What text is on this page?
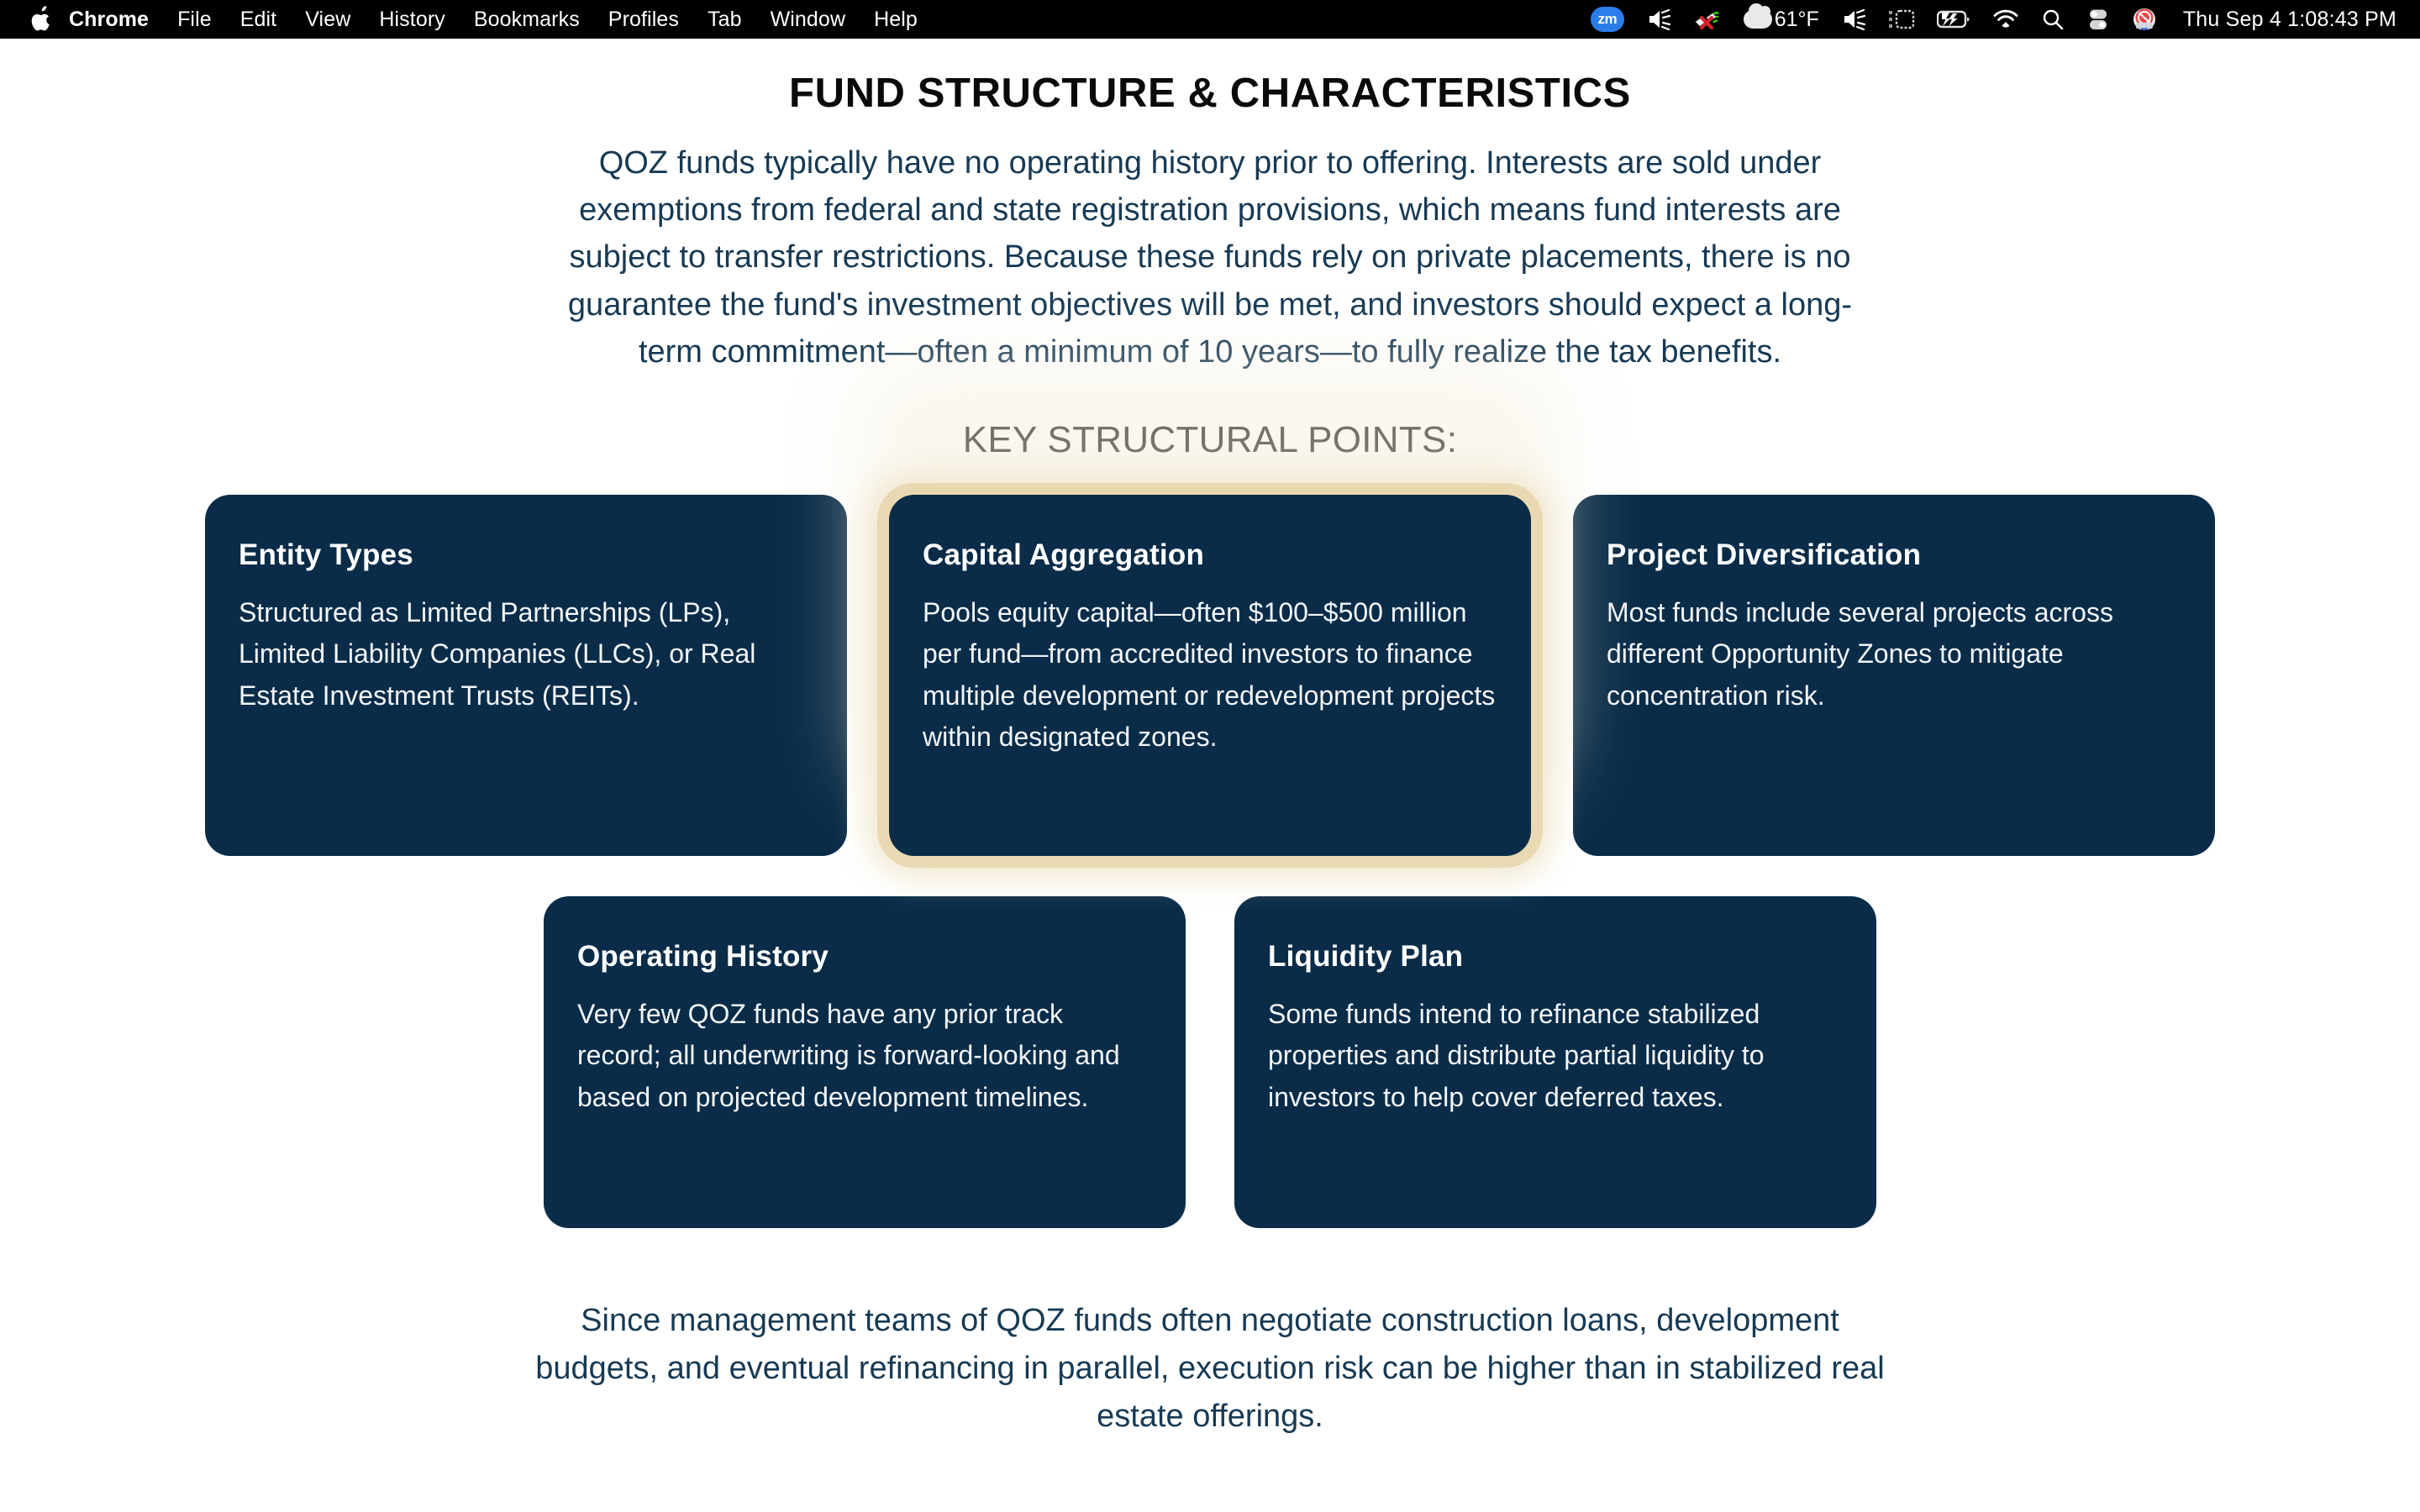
Chrome	File	Edit	View	History	Bookmarks	Profiles	Tab	Window	Help	zm	61°F	Thu Sep 4 1:08:43 PM
FUND STRUCTURE & CHARACTERISTICS

QOZ funds typically have no operating history prior to offering. Interests are sold under exemptions from federal and state registration provisions, which means fund interests are subject to transfer restrictions. Because these funds rely on private placements, there is no guarantee the fund's investment objectives will be met, and investors should expect a long-term commitment—often a minimum of 10 years—to fully realize the tax benefits.

KEY STRUCTURAL POINTS:
Entity Types
Structured as Limited Partnerships (LPs), Limited Liability Companies (LLCs), or Real Estate Investment Trusts (REITs).
Capital Aggregation
Pools equity capital—often $100–$500 million per fund—from accredited investors to finance multiple development or redevelopment projects within designated zones.
Project Diversification
Most funds include several projects across different Opportunity Zones to mitigate concentration risk.
Operating History
Very few QOZ funds have any prior track record; all underwriting is forward-looking and based on projected development timelines.
Liquidity Plan
Some funds intend to refinance stabilized properties and distribute partial liquidity to investors to help cover deferred taxes.

Since management teams of QOZ funds often negotiate construction loans, development budgets, and eventual refinancing in parallel, execution risk can be higher than in stabilized real estate offerings.
